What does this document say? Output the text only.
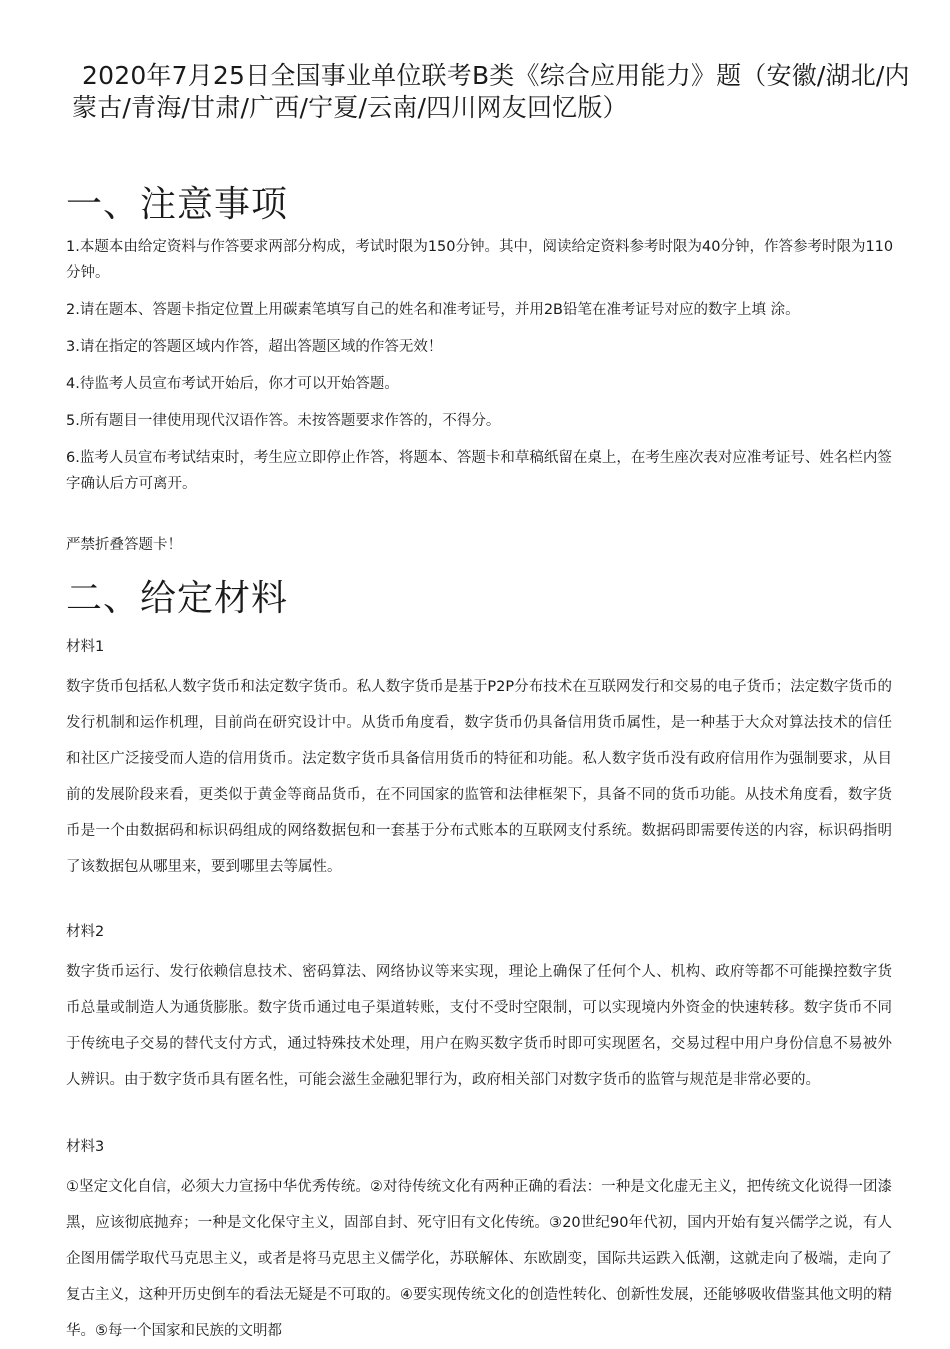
2020年7月25日全国事业单位联考B类《综合应用能力》题（安徽/湖北/内蒙古/青海/甘肃/广西/宁夏/云南/四川网友回忆版）
一、注意事项
1.本题本由给定资料与作答要求两部分构成，考试时限为150分钟。其中，阅读给定资料参考时限为40分钟，作答参考时限为110分钟。
2.请在题本、答题卡指定位置上用碳素笔填写自己的姓名和准考证号，并用2B铅笔在准考证号对应的数字上填 涂。
3.请在指定的答题区域内作答，超出答题区域的作答无效！
4.待监考人员宣布考试开始后，你才可以开始答题。
5.所有题目一律使用现代汉语作答。未按答题要求作答的，不得分。
6.监考人员宣布考试结束时，考生应立即停止作答，将题本、答题卡和草稿纸留在桌上，在考生座次表对应准考证号、姓名栏内签字确认后方可离开。

严禁折叠答题卡！

二、给定材料

材料1

数字货币包括私人数字货币和法定数字货币。私人数字货币是基于P2P分布技术在互联网发行和交易的电子货币；法定数字货币的发行机制和运作机理，目前尚在研究设计中。从货币角度看，数字货币仍具备信用货币属性，是一种基于大众对算法技术的信任和社区广泛接受而人造的信用货币。法定数字货币具备信用货币的特征和功能。私人数字货币没有政府信用作为强制要求，从目前的发展阶段来看，更类似于黄金等商品货币，在不同国家的监管和法律框架下，具备不同的货币功能。从技术角度看，数字货币是一个由数据码和标识码组成的网络数据包和一套基于分布式账本的互联网支付系统。数据码即需要传送的内容，标识码指明了该数据包从哪里来，要到哪里去等属性。

材料2

数字货币运行、发行依赖信息技术、密码算法、网络协议等来实现，理论上确保了任何个人、机构、政府等都不可能操控数字货币总量或制造人为通货膨胀。数字货币通过电子渠道转账，支付不受时空限制，可以实现境内外资金的快速转移。数字货币不同于传统电子交易的替代支付方式，通过特殊技术处理，用户在购买数字货币时即可实现匿名，交易过程中用户身份信息不易被外人辨识。由于数字货币具有匿名性，可能会滋生金融犯罪行为，政府相关部门对数字货币的监管与规范是非常必要的。

材料3

①坚定文化自信，必须大力宣扬中华优秀传统。②对待传统文化有两种正确的看法：一种是文化虚无主义，把传统文化说得一团漆黑，应该彻底抛弃；一种是文化保守主义，固部自封、死守旧有文化传统。③20世纪90年代初，国内开始有复兴儒学之说，有人企图用儒学取代马克思主义，或者是将马克思主义儒学化，苏联解体、东欧剧变，国际共运跌入低潮，这就走向了极端，走向了复古主义，这种开历史倒车的看法无疑是不可取的。④要实现传统文化的创造性转化、创新性发展，还能够吸收借鉴其他文明的精华。⑤每一个国家和民族的文明都
